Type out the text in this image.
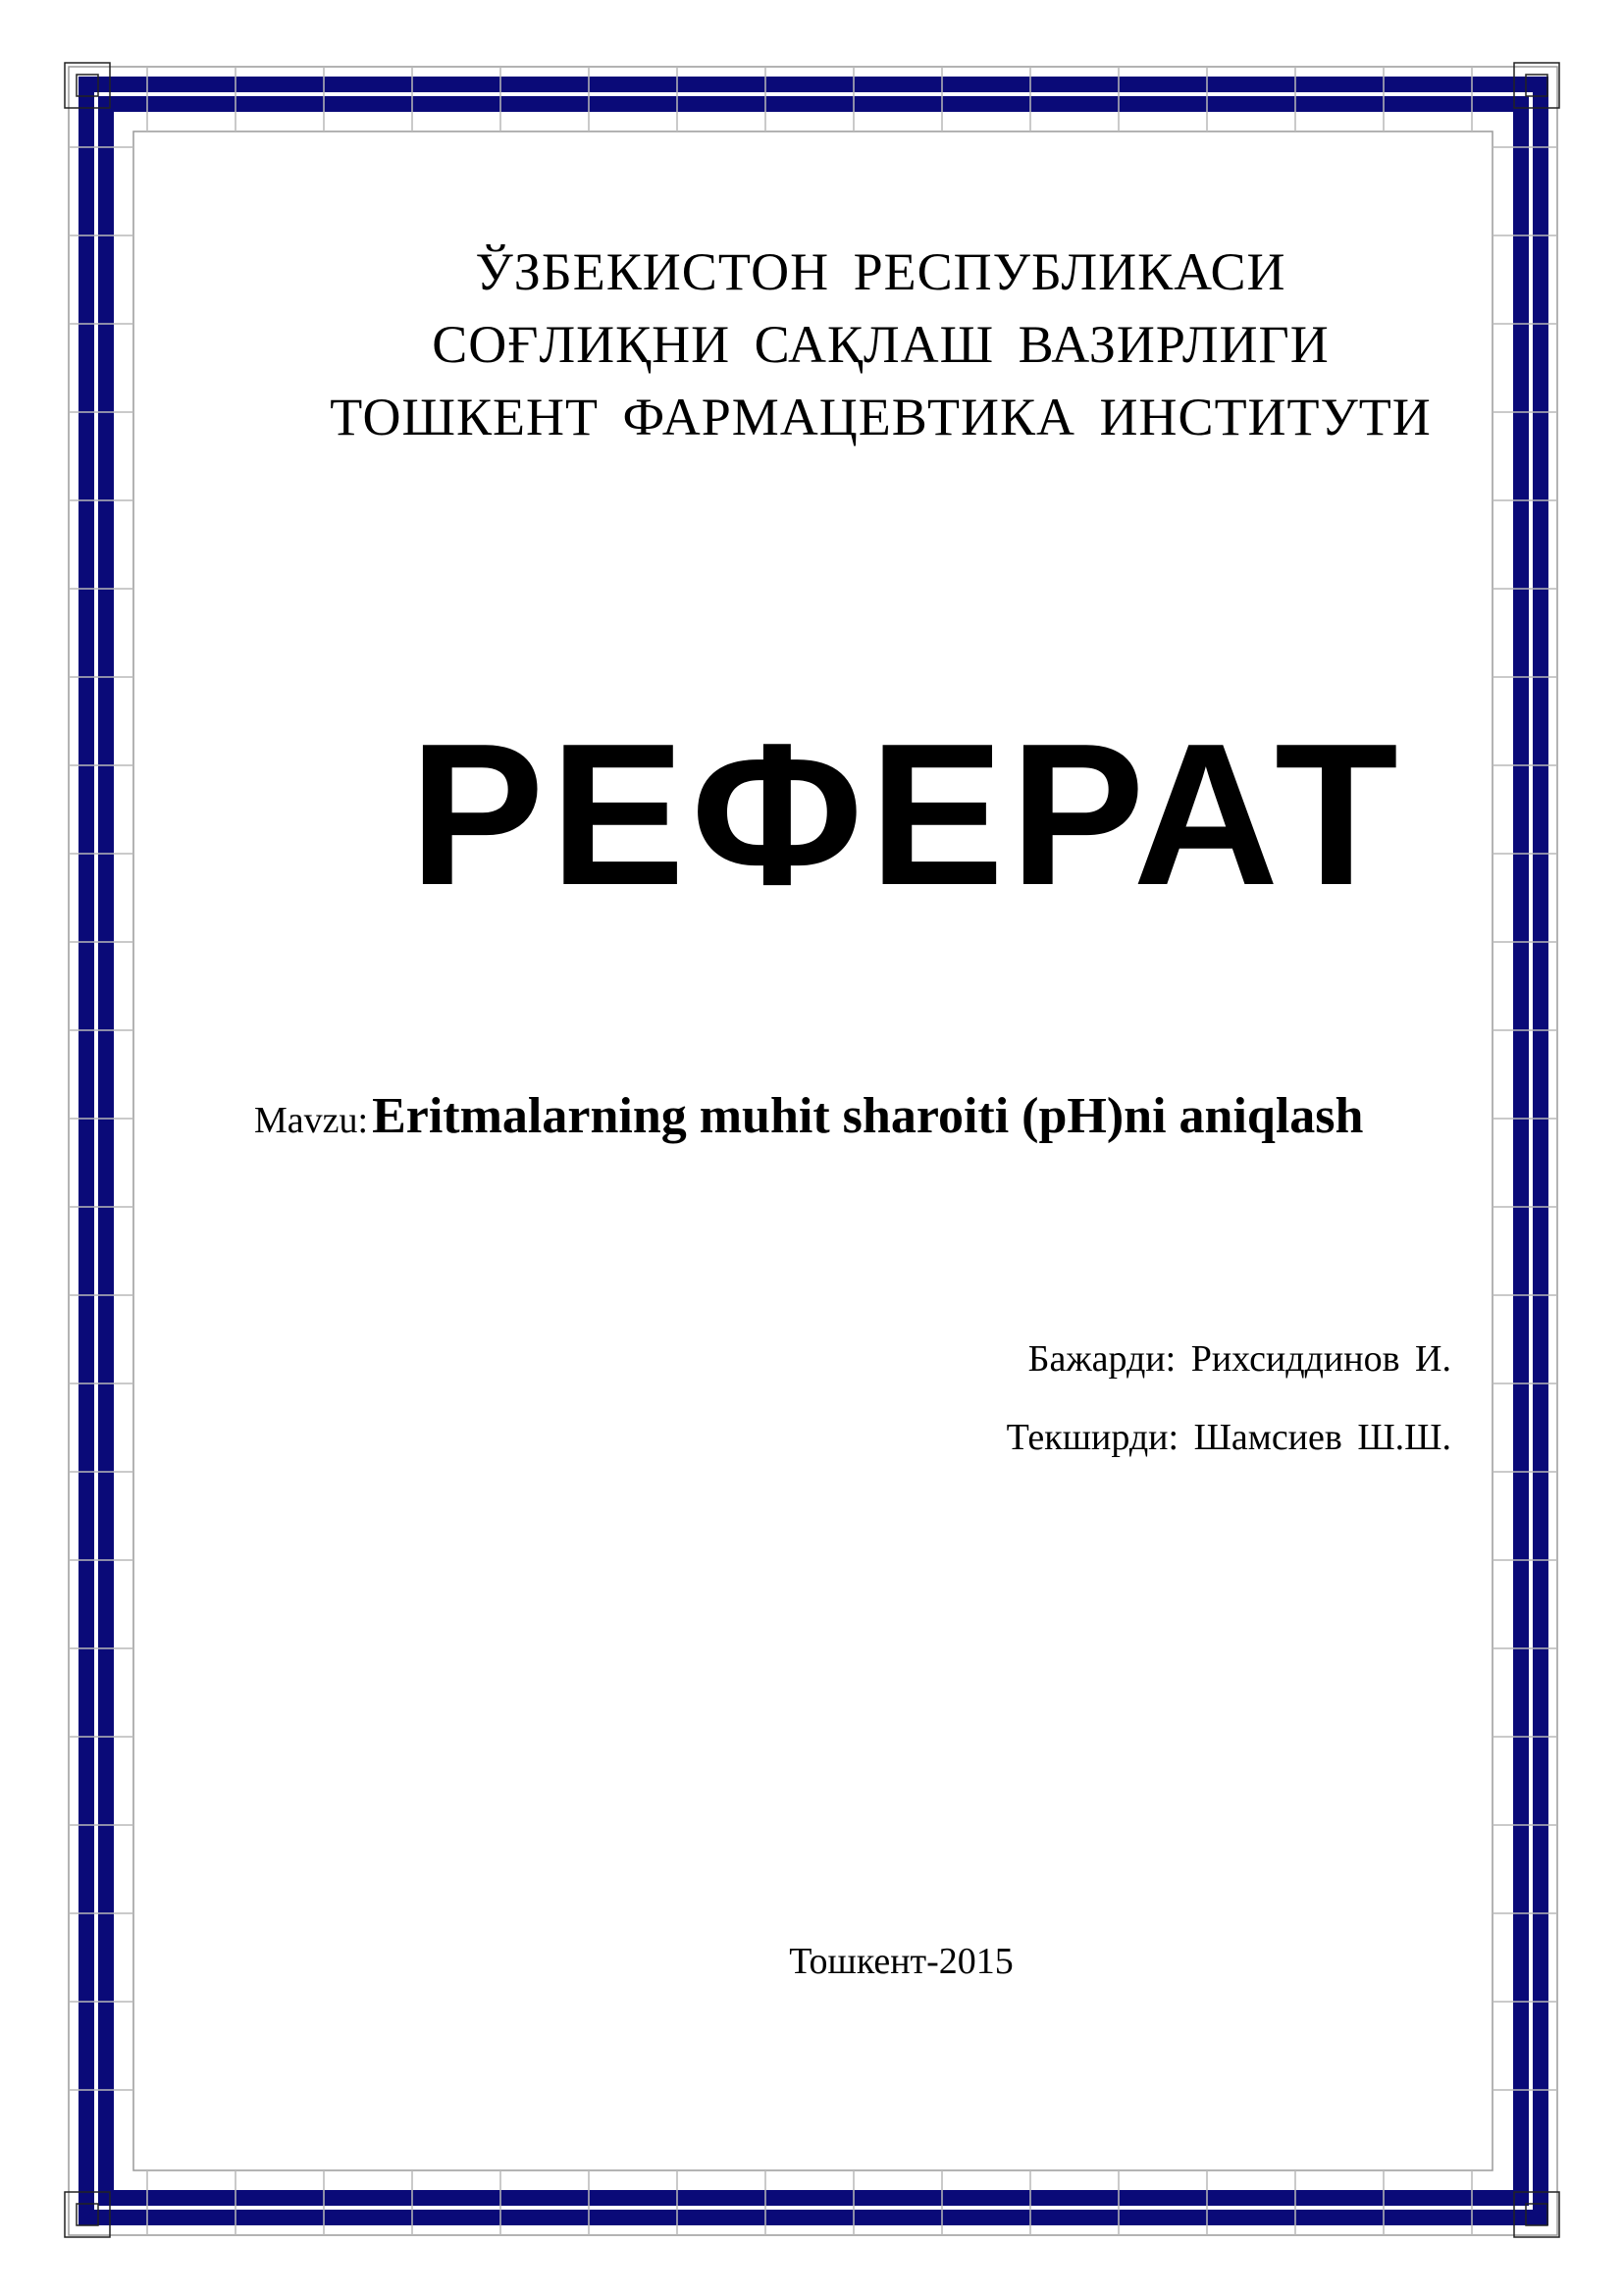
ЎЗБЕКИСТОН РЕСПУБЛИКАСИ
СОҒЛИҚНИ САҚЛАШ ВАЗИРЛИГИ
ТОШКЕНТ ФАРМАЦЕВТИКА ИНСТИТУТИ
РЕФЕРАТ
Mavzu: Eritmalarning muhit sharoiti (pH)ni aniqlash
Бажарди: Рихсиддинов И.
Текширди: Шамсиев Ш.Ш.
Тошкент-2015
